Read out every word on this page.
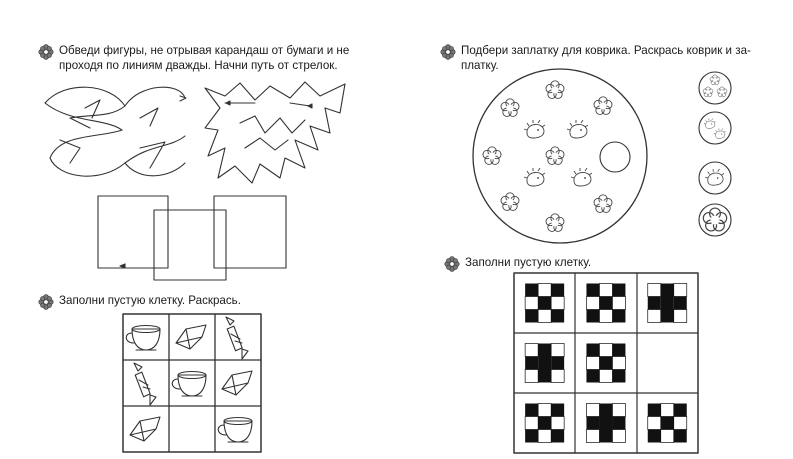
Обведи фигуры, не отрывая карандаш от бумаги и не
проходя по линиям дважды. Начни путь от стрелок.
Подбери заплатку для коврика. Раскрась коврик и за-
платку.
Заполни пустую клетку. Раскрась.
Заполни пустую клетку.
